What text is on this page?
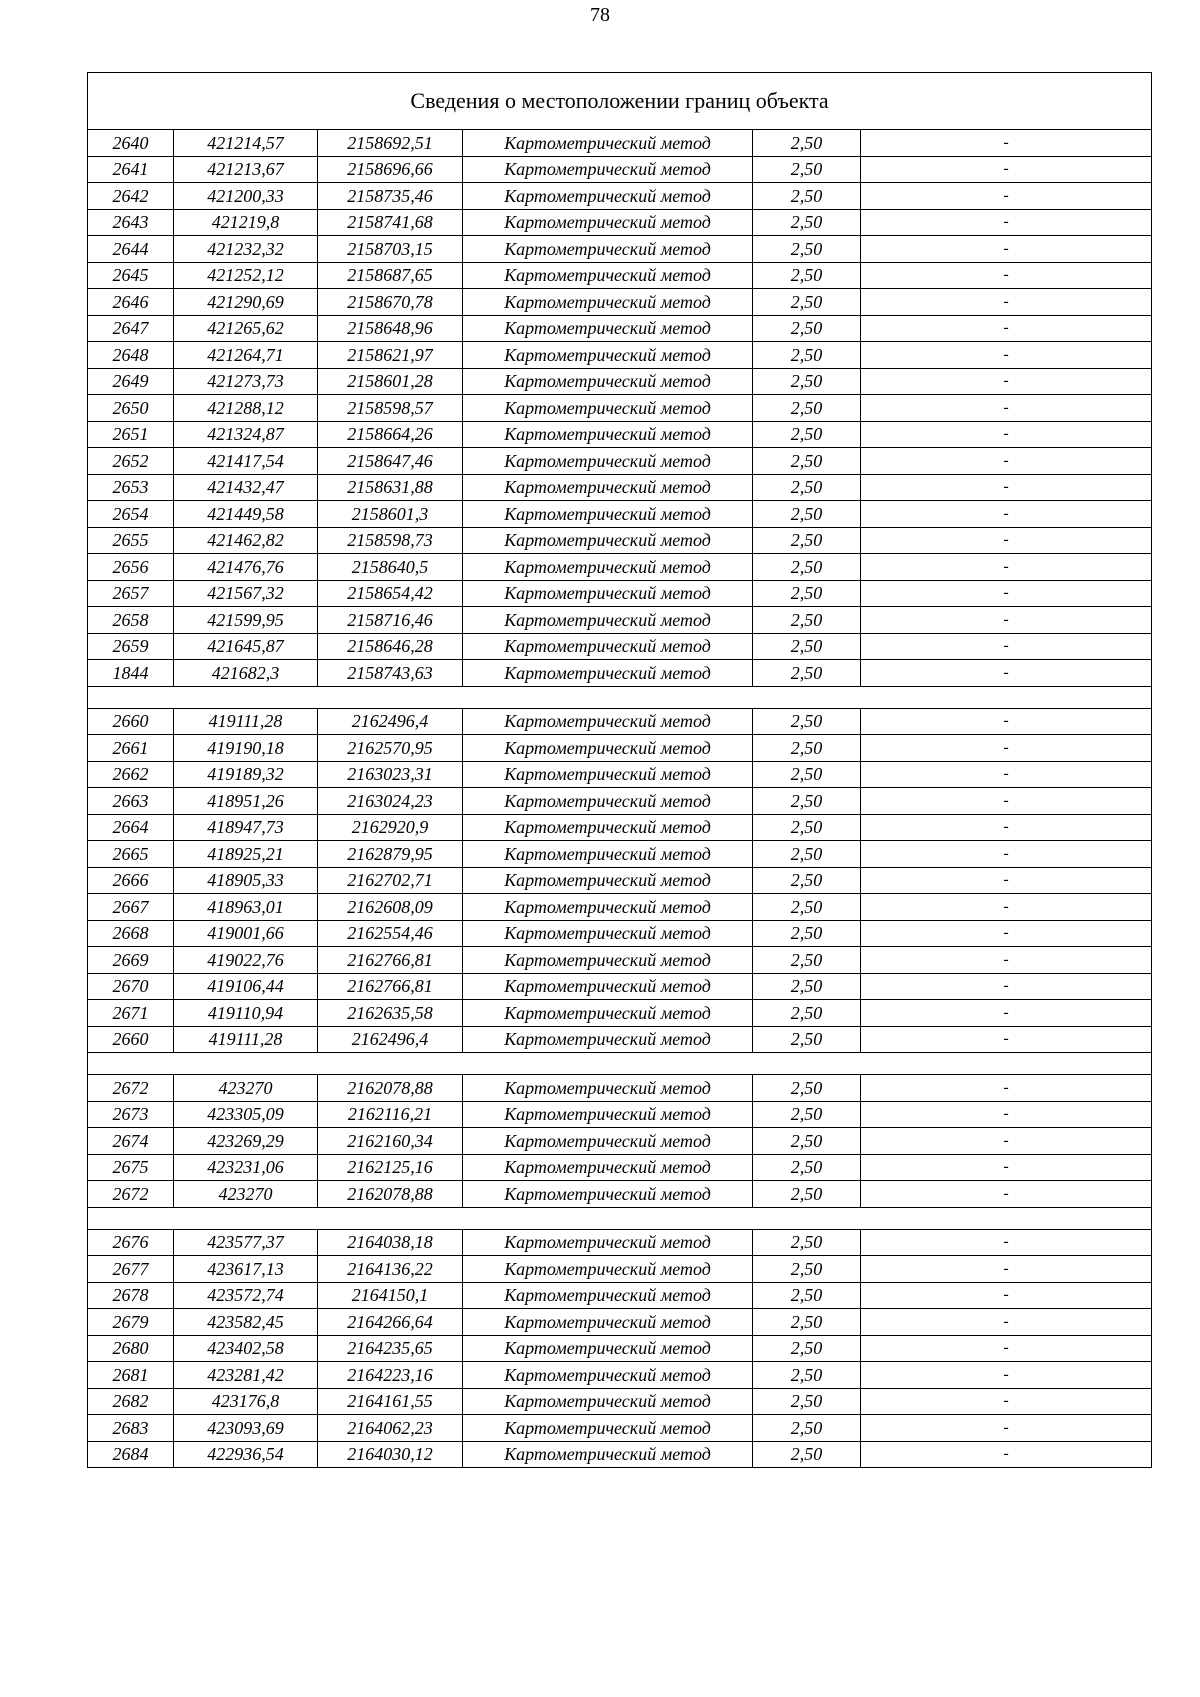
78
Сведения о местоположении границ объекта					
2640	421214,57	2158692,51	Картометрический метод	2,50	-
2641	421213,67	2158696,66	Картометрический метод	2,50	-
2642	421200,33	2158735,46	Картометрический метод	2,50	-
2643	421219,8	2158741,68	Картометрический метод	2,50	-
2644	421232,32	2158703,15	Картометрический метод	2,50	-
2645	421252,12	2158687,65	Картометрический метод	2,50	-
2646	421290,69	2158670,78	Картометрический метод	2,50	-
2647	421265,62	2158648,96	Картометрический метод	2,50	-
2648	421264,71	2158621,97	Картометрический метод	2,50	-
2649	421273,73	2158601,28	Картометрический метод	2,50	-
2650	421288,12	2158598,57	Картометрический метод	2,50	-
2651	421324,87	2158664,26	Картометрический метод	2,50	-
2652	421417,54	2158647,46	Картометрический метод	2,50	-
2653	421432,47	2158631,88	Картометрический метод	2,50	-
2654	421449,58	2158601,3	Картометрический метод	2,50	-
2655	421462,82	2158598,73	Картометрический метод	2,50	-
2656	421476,76	2158640,5	Картометрический метод	2,50	-
2657	421567,32	2158654,42	Картометрический метод	2,50	-
2658	421599,95	2158716,46	Картометрический метод	2,50	-
2659	421645,87	2158646,28	Картометрический метод	2,50	-
1844	421682,3	2158743,63	Картометрический метод	2,50	-

2660	419111,28	2162496,4	Картометрический метод	2,50	-
2661	419190,18	2162570,95	Картометрический метод	2,50	-
2662	419189,32	2163023,31	Картометрический метод	2,50	-
2663	418951,26	2163024,23	Картометрический метод	2,50	-
2664	418947,73	2162920,9	Картометрический метод	2,50	-
2665	418925,21	2162879,95	Картометрический метод	2,50	-
2666	418905,33	2162702,71	Картометрический метод	2,50	-
2667	418963,01	2162608,09	Картометрический метод	2,50	-
2668	419001,66	2162554,46	Картометрический метод	2,50	-
2669	419022,76	2162766,81	Картометрический метод	2,50	-
2670	419106,44	2162766,81	Картометрический метод	2,50	-
2671	419110,94	2162635,58	Картометрический метод	2,50	-
2660	419111,28	2162496,4	Картометрический метод	2,50	-

2672	423270	2162078,88	Картометрический метод	2,50	-
2673	423305,09	2162116,21	Картометрический метод	2,50	-
2674	423269,29	2162160,34	Картометрический метод	2,50	-
2675	423231,06	2162125,16	Картометрический метод	2,50	-
2672	423270	2162078,88	Картометрический метод	2,50	-

2676	423577,37	2164038,18	Картометрический метод	2,50	-
2677	423617,13	2164136,22	Картометрический метод	2,50	-
2678	423572,74	2164150,1	Картометрический метод	2,50	-
2679	423582,45	2164266,64	Картометрический метод	2,50	-
2680	423402,58	2164235,65	Картометрический метод	2,50	-
2681	423281,42	2164223,16	Картометрический метод	2,50	-
2682	423176,8	2164161,55	Картометрический метод	2,50	-
2683	423093,69	2164062,23	Картометрический метод	2,50	-
2684	422936,54	2164030,12	Картометрический метод	2,50	-
